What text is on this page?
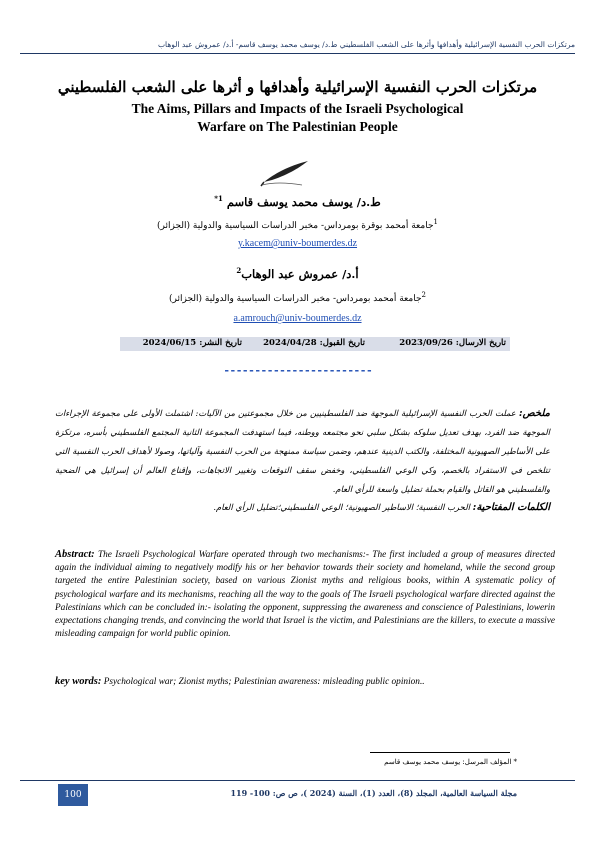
مرتكزات الحرب النفسية الإسرائيلية وأهدافها وأثرها على الشعب الفلسطيني ط.د/ يوسف محمد يوسف قاسم- أ.د/ عمروش عبد الوهاب
مرتكزات الحرب النفسية الإسرائيلية وأهدافها و أثرها على الشعب الفلسطيني
The Aims, Pillars and Impacts of the Israeli Psychological
Warfare on The Palestinian People
ط.د/ يوسف محمد يوسف قاسم $^{1*}$
$^1$جامعة أمحمد بوقرة بومرداس- مخبر الدراسات السياسية والدولية (الجزائر)
y.kacem@univ-boumerdes.dz
أ.د/ عمروش عبد الوهاب$^2$
$^2$جامعة أمحمد بومرداس- مخبر الدراسات السياسية والدولية (الجزائر)
a.amrouch@univ-boumerdes.dz
تاريخ الارسال: 2023/09/26
تاريخ القبول: 2024/04/28
تاريخ النشر: 2024/06/15
------------------------
ملخص: عملت الحرب النفسية الإسرائيلية الموجهة ضد الفلسطينيين من خلال مجموعتين من الآليات: اشتملت الأولى على مجموعة الإجراءات الموجهة ضد الفرد، بهدف تعديل سلوكه بشكل سلبي نحو مجتمعه ووطنه، فيما استهدفت المجموعة الثانية المجتمع الفلسطيني بأسره، مرتكزة على الأساطير الصهيونية المختلفة، والكتب الدينية عندهم، وضمن سياسة ممنهجة من الحرب النفسية وآلياتها، وصولا لأهداف الحرب النفسية التي تتلخص في الاستفراد بالخصم، وكي الوعي الفلسطيني، وخفض سقف التوقعات وتغيير الاتجاهات، وإقناع العالم أن إسرائيل هي الضحية والفلسطيني هو القاتل والقيام بحملة تضليل واسعة للرأي العام.
الكلمات المفتاحية: الحرب النفسية؛ الاساطير الصهيونية؛ الوعي الفلسطيني؛تضليل الرأي العام.
Abstract: The Israeli Psychological Warfare operated through two mechanisms:- The first included a group of measures directed again the individual aiming to negatively modify his or her behavior towards their society and homeland, while the second group targeted the entire Palestinian society, based on various Zionist myths and religious books, within A systematic policy of psychological warfare and its mechanisms, reaching all the way to the goals of The Israeli psychological warfare directed against the Palestinians which can be concluded in:- isolating the opponent, suppressing the awareness and conscience of Palestinians, lowerin expectations changing trends, and convincing the world that Israel is the victim, and Palestinians are the killers, to execute a massive misleading campaign for world public opinion.
key words: Psychological war; Zionist myths; Palestinian awareness: misleading public opinion..
* المؤلف المرسل: يوسف محمد يوسف قاسم
100	مجلة السياسة العالمية، المجلد (8)، العدد (1)، السنة (2024 )، ص ص: 100- 119
